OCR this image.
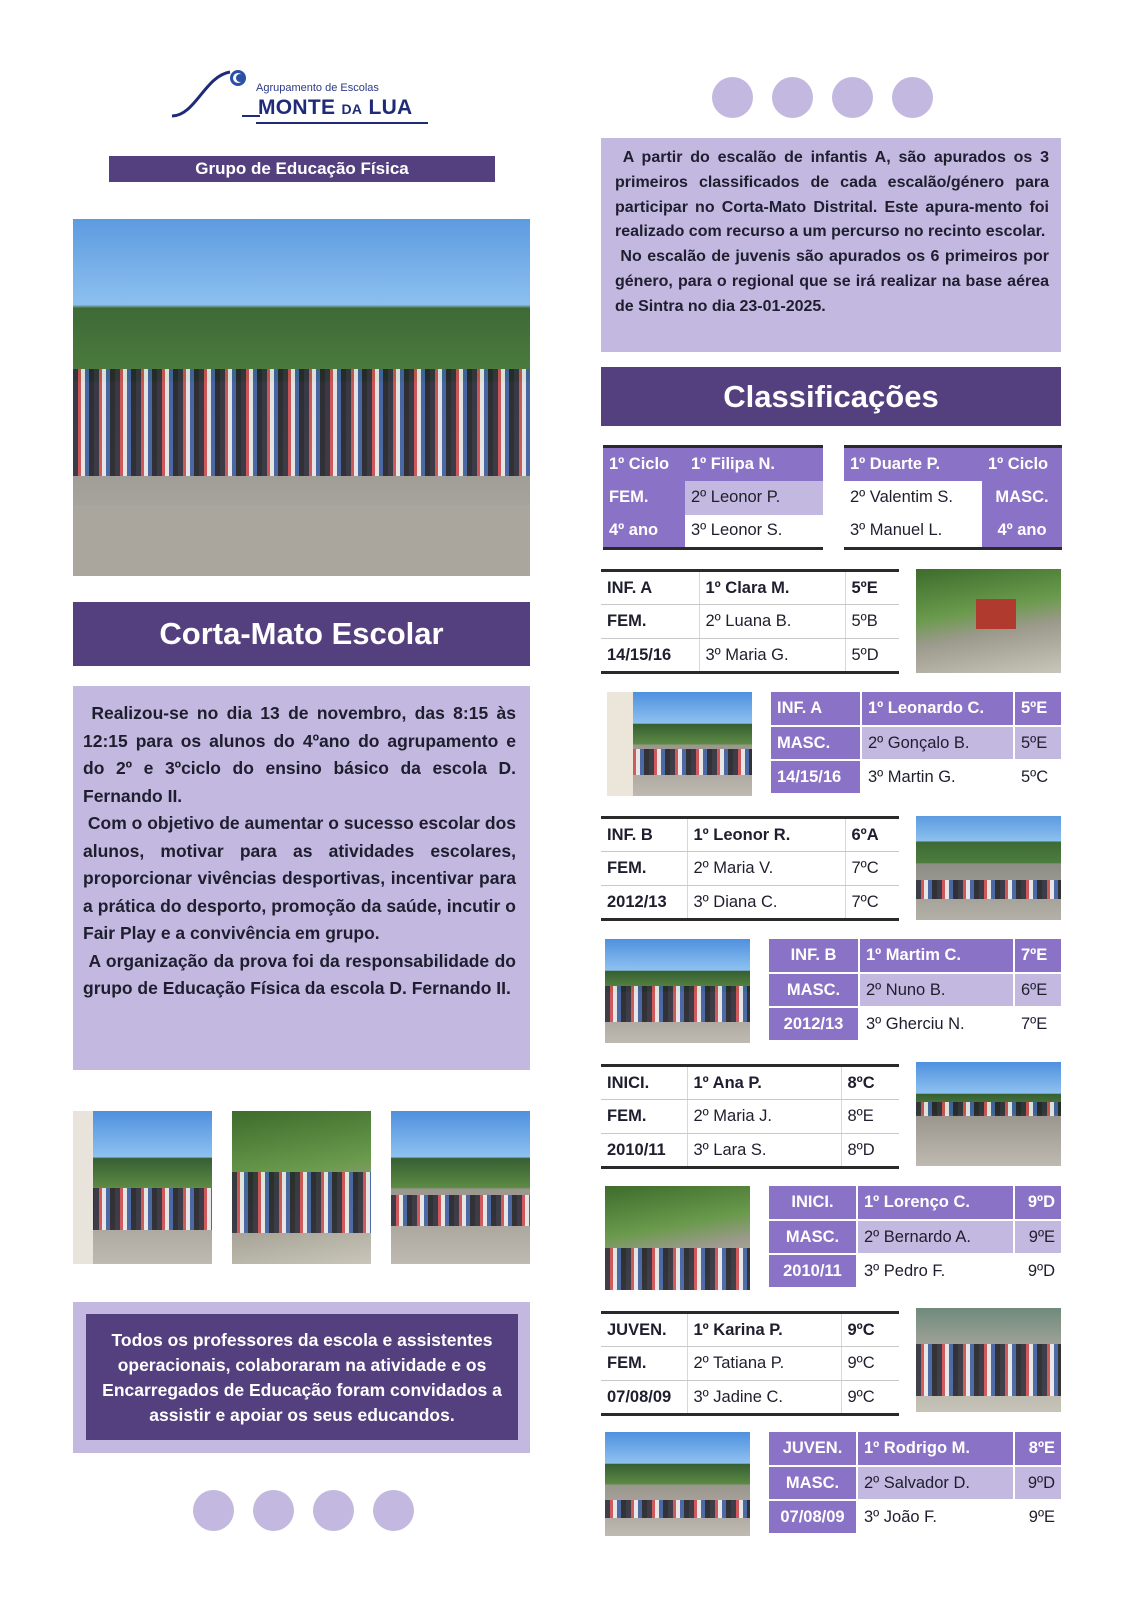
Agrupamento de Escolas
MONTE DA LUA
Grupo de Educação Física
Corta-Mato Escolar

Realizou-se no dia 13 de novembro, das 8:15 às 12:15 para os alunos do 4ºano do agrupamento e do 2º e 3ºciclo do ensino básico da escola D. Fernando II.

Com o objetivo de aumentar o sucesso escolar dos alunos, motivar para as atividades escolares, proporcionar vivências desportivas, incentivar para a prática do desporto, promoção da saúde, incutir o Fair Play e a convivência em grupo.

A organização da prova foi da responsabilidade do grupo de Educação Física da escola D. Fernando II.

Todos os professores da escola e assistentes operacionais, colaboraram na atividade e os Encarregados de Educação foram convidados a assistir e apoiar os seus educandos.

A partir do escalão de infantis A, são apurados os 3 primeiros classificados de cada escalão/género para participar no Corta-Mato Distrital. Este apura-mento foi realizado com recurso a um percurso no recinto escolar.

No escalão de juvenis são apurados os 6 primeiros por género, para o regional que se irá realizar na base aérea de Sintra no dia 23-01-2025.

Classificações
1º Ciclo	1º Filipa N.
FEM.	2º Leonor P.
4º ano	3º Leonor S.
1º Duarte P.	1º Ciclo
2º Valentim S.	MASC.
3º Manuel L.	4º ano
INF. A	1º Clara M.	5ºE
FEM.	2º Luana B.	5ºB
14/15/16	3º Maria G.	5ºD
INF. A	1º Leonardo C.	5ºE
MASC.	2º Gonçalo B.	5ºE
14/15/16	3º Martin G.	5ºC
INF. B	1º Leonor R.	6ºA
FEM.	2º Maria V.	7ºC
2012/13	3º Diana C.	7ºC
INF. B	1º Martim C.	7ºE
MASC.	2º Nuno B.	6ºE
2012/13	3º Gherciu N.	7ºE
INICI.	1º Ana P.	8ºC
FEM.	2º Maria J.	8ºE
2010/11	3º Lara S.	8ºD
INICI.	1º Lorenço C.	9ºD
MASC.	2º Bernardo A.	9ºE
2010/11	3º Pedro F.	9ºD
JUVEN.	1º Karina P.	9ºC
FEM.	2º Tatiana P.	9ºC
07/08/09	3º Jadine C.	9ºC
JUVEN.	1º Rodrigo M.	8ºE
MASC.	2º Salvador D.	9ºD
07/08/09	3º João F.	9ºE
